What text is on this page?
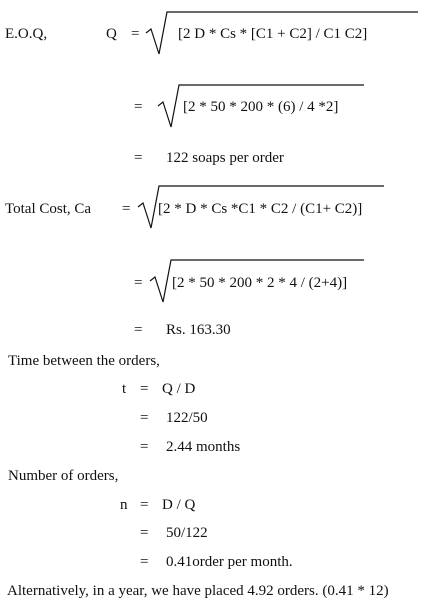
E.O.Q,	Q =	[2 D * Cs * [C1 + C2] / C1 C2]
=	[2 * 50 * 200 * (6) / 4 *2]
= 122 soaps per order
Total Cost, Ca = [2 * D * Cs *C1 * C2 / (C1+ C2)]
= [2 * 50 * 200 * 2 * 4 / (2+4)]
= Rs. 163.30
Time between the orders,
t = Q / D
= 122/50
= 2.44 months
Number of orders,
n = D / Q
= 50/122
= 0.41order per month.
Alternatively, in a year, we have placed 4.92 orders. (0.41 * 12)
